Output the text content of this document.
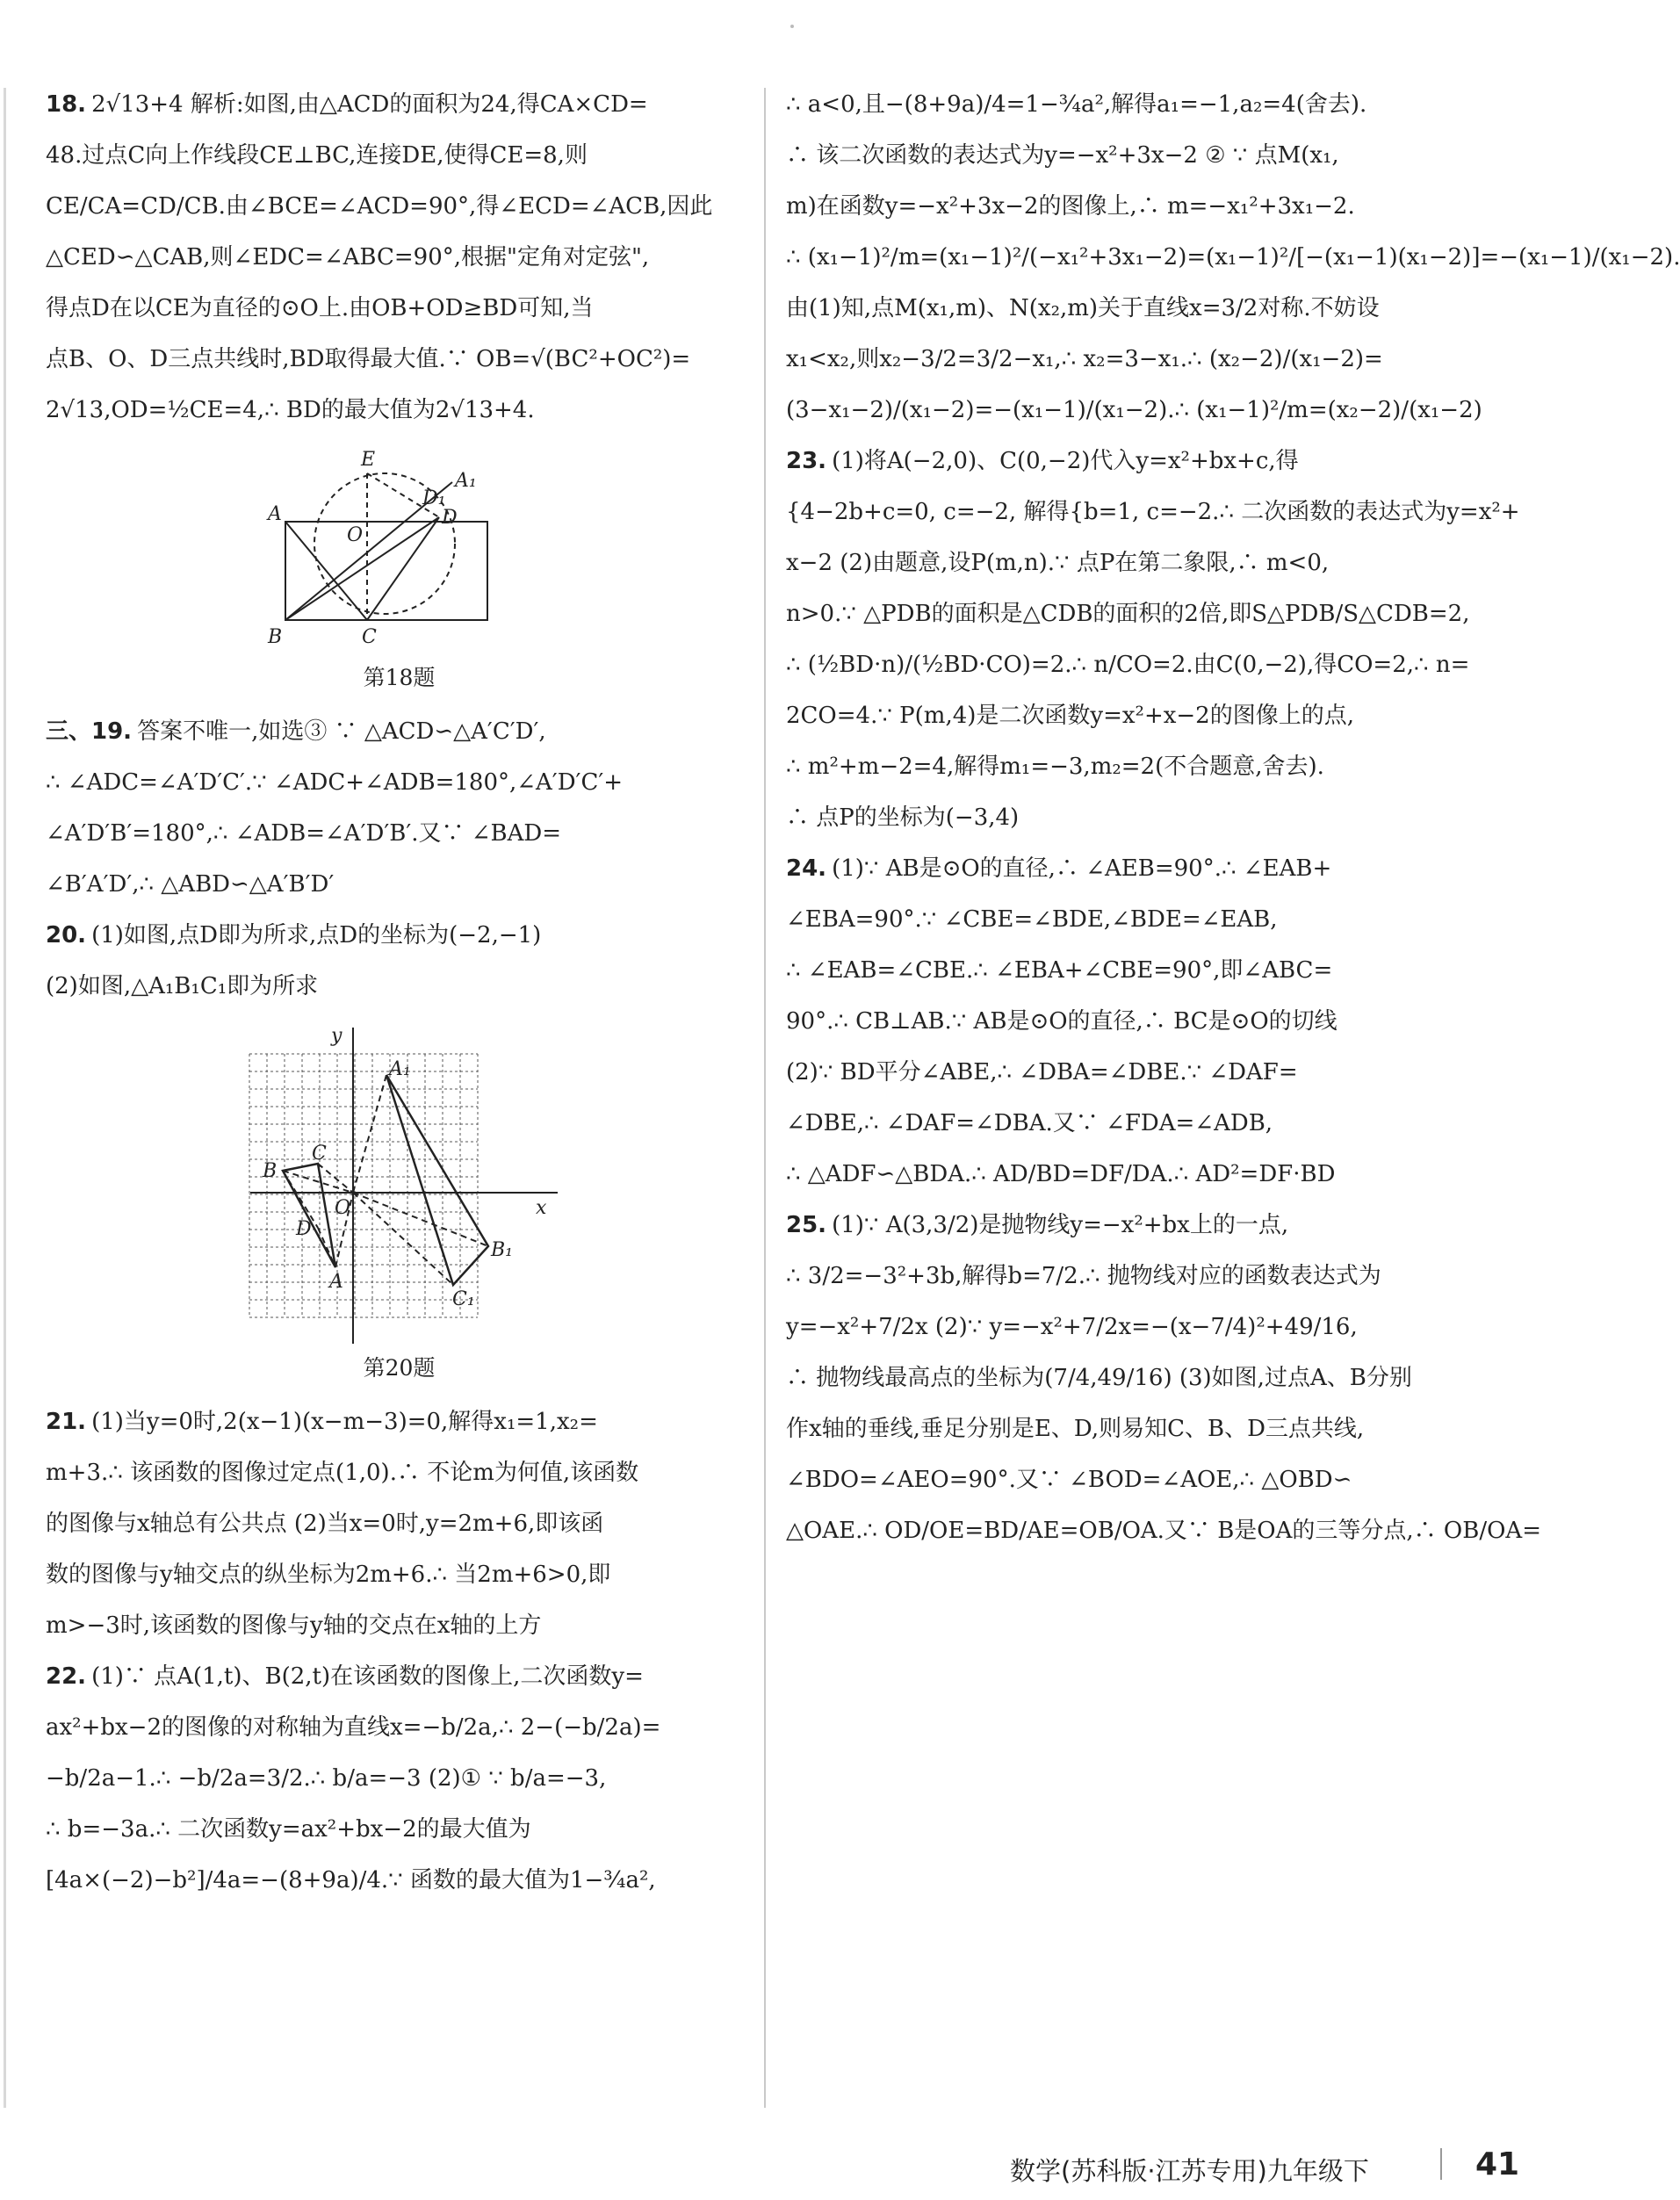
18. 2√13+4 解析:如图,由△ACD的面积为24,得CA×CD=
48.过点C向上作线段CE⊥BC,连接DE,使得CE=8,则
CE/CA=CD/CB.由∠BCE=∠ACD=90°,得∠ECD=∠ACB,因此
△CED∽△CAB,则∠EDC=∠ABC=90°,根据"定角对定弦",
得点D在以CE为直径的⊙O上.由OB+OD≥BD可知,当
点B、O、D三点共线时,BD取得最大值.∵ OB=√(BC²+OC²)=
2√13,OD=½CE=4,∴ BD的最大值为2√13+4.
A
B	C
D
E
O
D₁
A₁
第18题
三、19. 答案不唯一,如选③ ∵ △ACD∽△A′C′D′,
∴ ∠ADC=∠A′D′C′.∵ ∠ADC+∠ADB=180°,∠A′D′C′+
∠A′D′B′=180°,∴ ∠ADB=∠A′D′B′.又∵ ∠BAD=
∠B′A′D′,∴ △ABD∽△A′B′D′
20. (1)如图,点D即为所求,点D的坐标为(−2,−1)
(2)如图,△A₁B₁C₁即为所求
x
y
O
A
B
C
D
A₁
B₁
C₁
第20题
21. (1)当y=0时,2(x−1)(x−m−3)=0,解得x₁=1,x₂=
m+3.∴ 该函数的图像过定点(1,0).∴ 不论m为何值,该函数
的图像与x轴总有公共点 (2)当x=0时,y=2m+6,即该函
数的图像与y轴交点的纵坐标为2m+6.∴ 当2m+6>0,即
m>−3时,该函数的图像与y轴的交点在x轴的上方
22. (1)∵ 点A(1,t)、B(2,t)在该函数的图像上,二次函数y=
ax²+bx−2的图像的对称轴为直线x=−b/2a,∴ 2−(−b/2a)=
−b/2a−1.∴ −b/2a=3/2.∴ b/a=−3 (2)① ∵ b/a=−3,
∴ b=−3a.∴ 二次函数y=ax²+bx−2的最大值为
[4a×(−2)−b²]/4a=−(8+9a)/4.∵ 函数的最大值为1−¾a²,
∴ a<0,且−(8+9a)/4=1−¾a²,解得a₁=−1,a₂=4(舍去).
∴ 该二次函数的表达式为y=−x²+3x−2 ② ∵ 点M(x₁,
m)在函数y=−x²+3x−2的图像上,∴ m=−x₁²+3x₁−2.
∴ (x₁−1)²/m=(x₁−1)²/(−x₁²+3x₁−2)=(x₁−1)²/[−(x₁−1)(x₁−2)]=−(x₁−1)/(x₁−2).
由(1)知,点M(x₁,m)、N(x₂,m)关于直线x=3/2对称.不妨设
x₁<x₂,则x₂−3/2=3/2−x₁,∴ x₂=3−x₁.∴ (x₂−2)/(x₁−2)=
(3−x₁−2)/(x₁−2)=−(x₁−1)/(x₁−2).∴ (x₁−1)²/m=(x₂−2)/(x₁−2)
23. (1)将A(−2,0)、C(0,−2)代入y=x²+bx+c,得
{4−2b+c=0, c=−2, 解得{b=1, c=−2.∴ 二次函数的表达式为y=x²+
x−2 (2)由题意,设P(m,n).∵ 点P在第二象限,∴ m<0,
n>0.∵ △PDB的面积是△CDB的面积的2倍,即S△PDB/S△CDB=2,
∴ (½BD·n)/(½BD·CO)=2.∴ n/CO=2.由C(0,−2),得CO=2,∴ n=
2CO=4.∵ P(m,4)是二次函数y=x²+x−2的图像上的点,
∴ m²+m−2=4,解得m₁=−3,m₂=2(不合题意,舍去).
∴ 点P的坐标为(−3,4)
24. (1)∵ AB是⊙O的直径,∴ ∠AEB=90°.∴ ∠EAB+
∠EBA=90°.∵ ∠CBE=∠BDE,∠BDE=∠EAB,
∴ ∠EAB=∠CBE.∴ ∠EBA+∠CBE=90°,即∠ABC=
90°.∴ CB⊥AB.∵ AB是⊙O的直径,∴ BC是⊙O的切线
(2)∵ BD平分∠ABE,∴ ∠DBA=∠DBE.∵ ∠DAF=
∠DBE,∴ ∠DAF=∠DBA.又∵ ∠FDA=∠ADB,
∴ △ADF∽△BDA.∴ AD/BD=DF/DA.∴ AD²=DF·BD
25. (1)∵ A(3,3/2)是抛物线y=−x²+bx上的一点,
∴ 3/2=−3²+3b,解得b=7/2.∴ 抛物线对应的函数表达式为
y=−x²+7/2x (2)∵ y=−x²+7/2x=−(x−7/4)²+49/16,
∴ 抛物线最高点的坐标为(7/4,49/16) (3)如图,过点A、B分别
作x轴的垂线,垂足分别是E、D,则易知C、B、D三点共线,
∠BDO=∠AEO=90°.又∵ ∠BOD=∠AOE,∴ △OBD∽
△OAE.∴ OD/OE=BD/AE=OB/OA.又∵ B是OA的三等分点,∴ OB/OA=
数学(苏科版·江苏专用)九年级下	41
